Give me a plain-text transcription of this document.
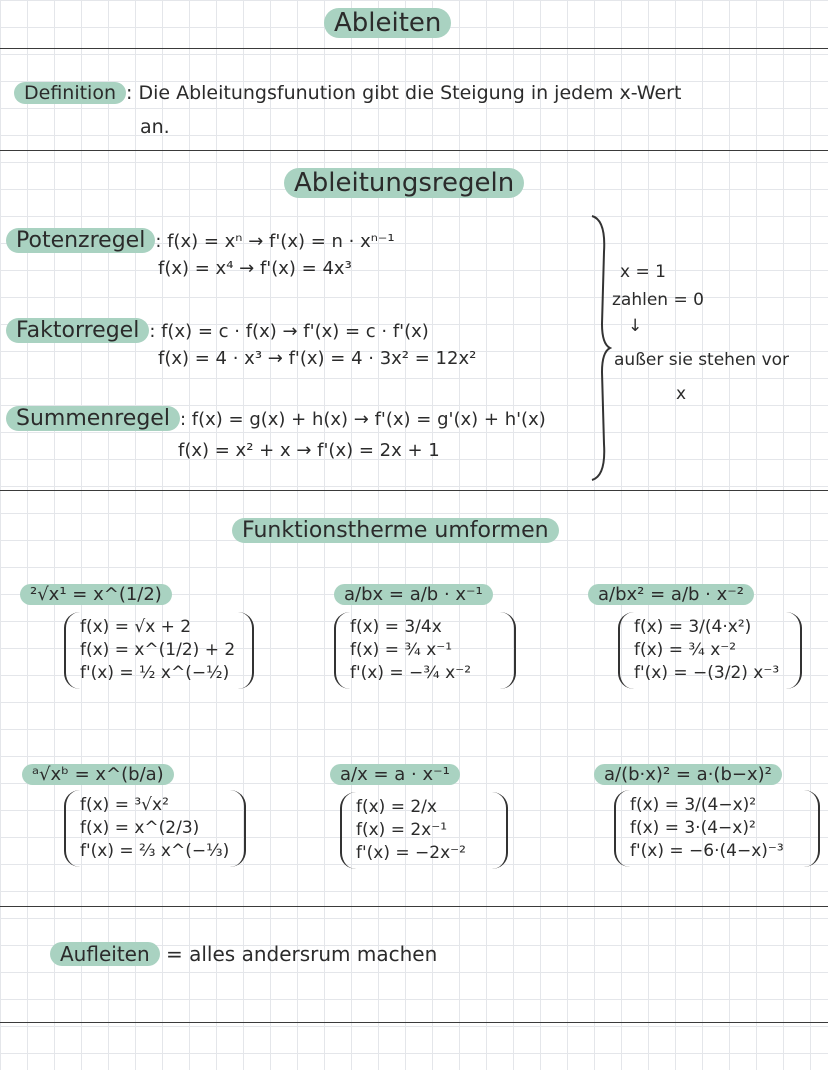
Ableiten
Definition : Die Ableitungsfunution gibt die Steigung in jedem x-Wert
an.
Ableitungsregeln
Potenzregel : f(x) = xⁿ → f'(x) = n · xⁿ⁻¹
f(x) = x⁴ → f'(x) = 4x³
Faktorregel : f(x) = c · f(x) → f'(x) = c · f'(x)
f(x) = 4 · x³ → f'(x) = 4 · 3x² = 12x²
Summenregel : f(x) = g(x) + h(x) → f'(x) = g'(x) + h'(x)
f(x) = x² + x → f'(x) = 2x + 1
x = 1
zahlen = 0
↓
außer sie stehen vor
x
Funktionstherme umformen
²√x¹ = x^(1/2)
f(x) = √x + 2
f(x) = x^(1/2) + 2
f'(x) = ½ x^(−½)
a/bx = a/b · x⁻¹
f(x) = 3/4x
f(x) = ¾ x⁻¹
f'(x) = −¾ x⁻²
a/bx² = a/b · x⁻²
f(x) = 3/(4·x²)
f(x) = ¾ x⁻²
f'(x) = −(3/2) x⁻³
ᵃ√xᵇ = x^(b/a)
f(x) = ³√x²
f(x) = x^(2/3)
f'(x) = ⅔ x^(−⅓)
a/x = a · x⁻¹
f(x) = 2/x
f(x) = 2x⁻¹
f'(x) = −2x⁻²
a/(b·x)² = a·(b−x)²
f(x) = 3/(4−x)²
f(x) = 3·(4−x)²
f'(x) = −6·(4−x)⁻³
Aufleiten = alles andersrum machen
